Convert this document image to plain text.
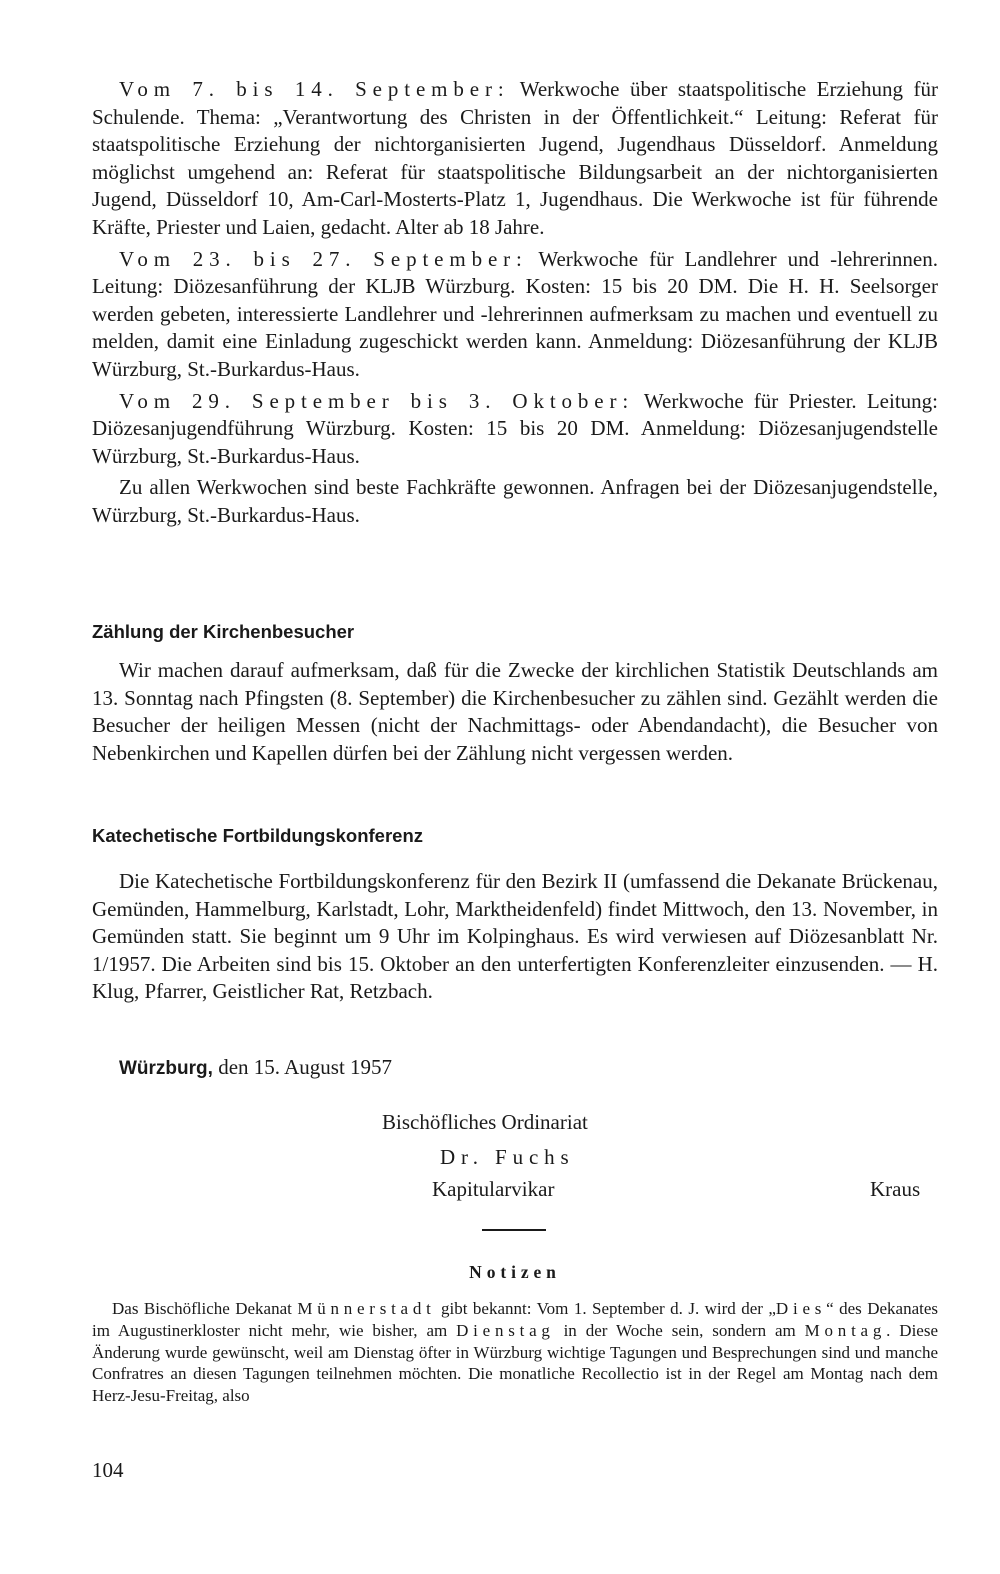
Vom 7. bis 14. September: Werkwoche über staatspolitische Erziehung für Schulende. Thema: „Verantwortung des Christen in der Öffentlichkeit.“ Leitung: Referat für staatspolitische Erziehung der nichtorganisierten Jugend, Jugendhaus Düsseldorf. Anmeldung möglichst umgehend an: Referat für staatspolitische Bildungsarbeit an der nichtorganisierten Jugend, Düsseldorf 10, Am-Carl-Mosterts-Platz 1, Jugendhaus. Die Werkwoche ist für führende Kräfte, Priester und Laien, gedacht. Alter ab 18 Jahre.

Vom 23. bis 27. September: Werkwoche für Landlehrer und -lehrerinnen. Leitung: Diözesanführung der KLJB Würzburg. Kosten: 15 bis 20 DM. Die H. H. Seelsorger werden gebeten, interessierte Landlehrer und -lehrerinnen aufmerksam zu machen und eventuell zu melden, damit eine Einladung zugeschickt werden kann. Anmeldung: Diözesanführung der KLJB Würzburg, St.-Burkardus-Haus.

Vom 29. September bis 3. Oktober: Werkwoche für Priester. Leitung: Diözesanjugendführung Würzburg. Kosten: 15 bis 20 DM. Anmeldung: Diözesanjugendstelle Würzburg, St.-Burkardus-Haus.

Zu allen Werkwochen sind beste Fachkräfte gewonnen. Anfragen bei der Diözesanjugendstelle, Würzburg, St.-Burkardus-Haus.

Zählung der Kirchenbesucher

Wir machen darauf aufmerksam, daß für die Zwecke der kirchlichen Statistik Deutschlands am 13. Sonntag nach Pfingsten (8. September) die Kirchenbesucher zu zählen sind. Gezählt werden die Besucher der heiligen Messen (nicht der Nachmittags- oder Abendandacht), die Besucher von Nebenkirchen und Kapellen dürfen bei der Zählung nicht vergessen werden.

Katechetische Fortbildungskonferenz

Die Katechetische Fortbildungskonferenz für den Bezirk II (umfassend die Dekanate Brückenau, Gemünden, Hammelburg, Karlstadt, Lohr, Marktheidenfeld) findet Mittwoch, den 13. November, in Gemünden statt. Sie beginnt um 9 Uhr im Kolpinghaus. Es wird verwiesen auf Diözesanblatt Nr. 1/1957. Die Arbeiten sind bis 15. Oktober an den unterfertigten Konferenzleiter einzusenden. — H. Klug, Pfarrer, Geistlicher Rat, Retzbach.

Würzburg, den 15. August 1957
Bischöfliches Ordinariat
Dr. Fuchs
Kapitularvikar	Kraus
Notizen

Das Bischöfliche Dekanat Münnerstadt gibt bekannt: Vom 1. September d. J. wird der „Dies“ des Dekanates im Augustinerkloster nicht mehr, wie bisher, am Dienstag in der Woche sein, sondern am Montag. Diese Änderung wurde gewünscht, weil am Dienstag öfter in Würzburg wichtige Tagungen und Besprechungen sind und manche Confratres an diesen Tagungen teilnehmen möchten. Die monatliche Recollectio ist in der Regel am Montag nach dem Herz-Jesu-Freitag, also

104
